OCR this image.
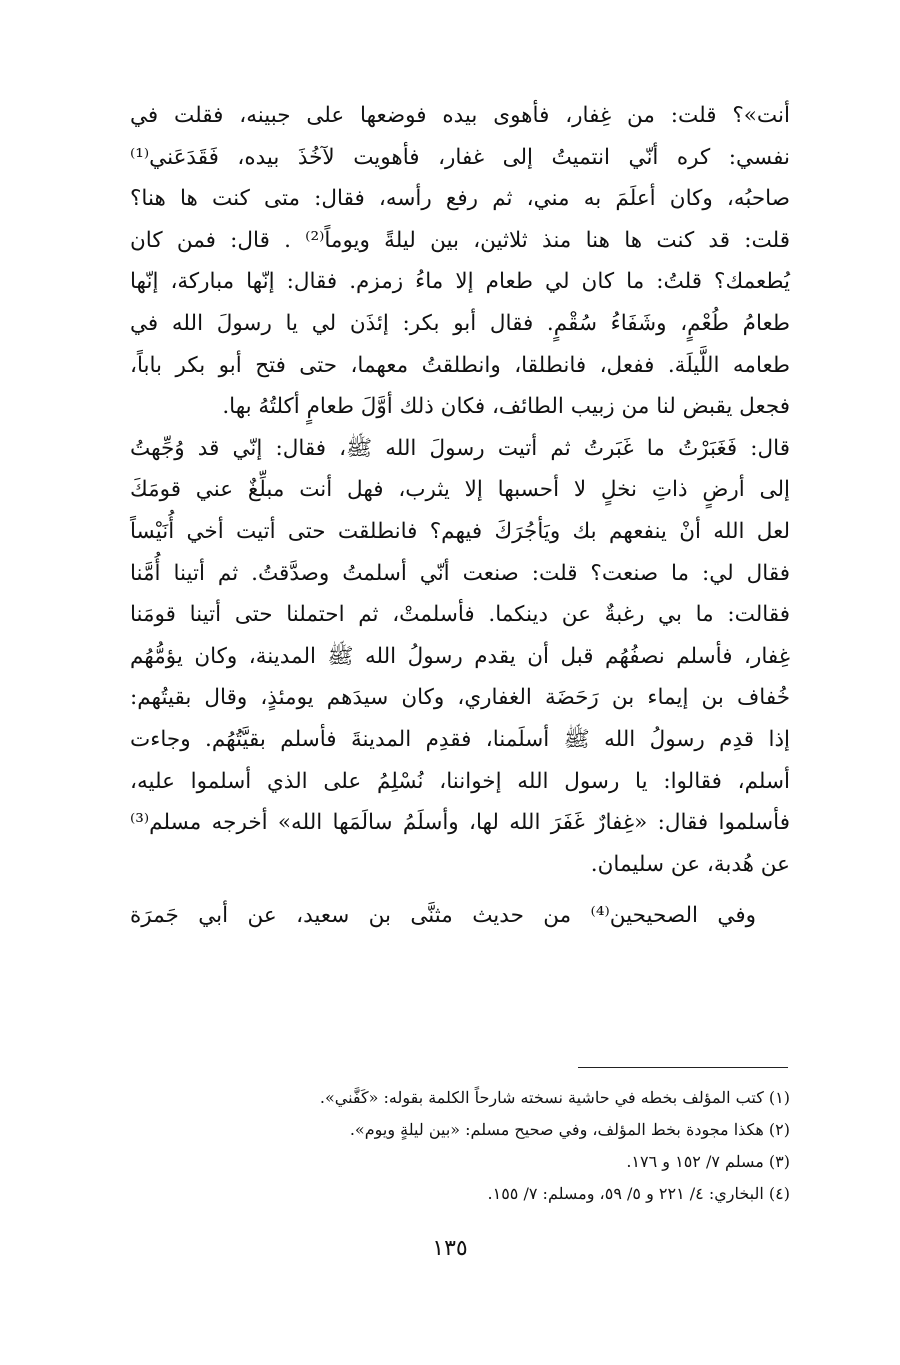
أنت»؟ قلت: من غِفار، فأهوى بيده فوضعها على جبينه، فقلت في
نفسي: كره أنّي انتميتُ إلى غفار، فأهويت لآخُذَ بيده، فَقَدَعَني⁽¹⁾
صاحبُه، وكان أعلَمَ به مني، ثم رفع رأسه، فقال: متى كنت ها هنا؟
قلت: قد كنت ها هنا منذ ثلاثين، بين ليلةً ويوماً⁽²⁾ . قال: فمن كان
يُطعمك؟ قلتُ: ما كان لي طعام إلا ماءُ زمزم. فقال: إنّها مباركة، إنّها
طعامُ طُعْمٍ، وشَفَاءُ سُقْمٍ. فقال أبو بكر: إئذَن لي يا رسولَ الله في
طعامه اللَّيلَة. ففعل، فانطلقا، وانطلقتُ معهما، حتى فتح أبو بكر باباً،
فجعل يقبض لنا من زبيب الطائف، فكان ذلك أوَّلَ طعامٍ أكلتُهُ بها.
قال: فَغَبَرْتُ ما غَبَرتُ ثم أتيت رسولَ الله ﷺ، فقال: إنّي قد وُجِّهتُ
إلى أرضٍ ذاتِ نخلٍ لا أحسبها إلا يثرب، فهل أنت مبلِّغٌ عني قومَكَ
لعل الله أنْ ينفعهم بك ويَأجُرَكَ فيهم؟ فانطلقت حتى أتيت أخي أُنَيْساً
فقال لي: ما صنعت؟ قلت: صنعت أنّي أسلمتُ وصدَّقتُ. ثم أتينا أُمَّنا
فقالت: ما بي رغبةٌ عن دينكما. فأسلمتْ، ثم احتملنا حتى أتينا قومَنا
غِفار، فأسلم نصفُهُم قبل أن يقدم رسولُ الله ﷺ المدينة، وكان يؤمُّهُم
خُفاف بن إيماء بن رَحَضَة الغفاري، وكان سيدَهم يومئذٍ، وقال بقيتُهم:
إذا قدِم رسولُ الله ﷺ أسلَمنا، فقدِم المدينةَ فأسلم بقيَّتُهُم. وجاءت
أسلم، فقالوا: يا رسول الله إخواننا، نُسْلِمُ على الذي أسلموا عليه،
فأسلموا فقال: «غِفارٌ غَفَرَ الله لها، وأسلَمُ سالَمَها الله» أخرجه مسلم⁽³⁾
عن هُدبة، عن سليمان.
وفي الصحيحين⁽⁴⁾ من حديث مثنَّى بن سعيد، عن أبي جَمرَة
(١) كتب المؤلف بخطه في حاشية نسخته شارحاً الكلمة بقوله: «كَفَّني».
(٢) هكذا مجودة بخط المؤلف، وفي صحيح مسلم: «بين ليلةٍ ويوم».
(٣) مسلم ٧/ ١٥٢ و ١٧٦.
(٤) البخاري: ٤/ ٢٢١ و ٥/ ٥٩، ومسلم: ٧/ ١٥٥.
١٣٥
